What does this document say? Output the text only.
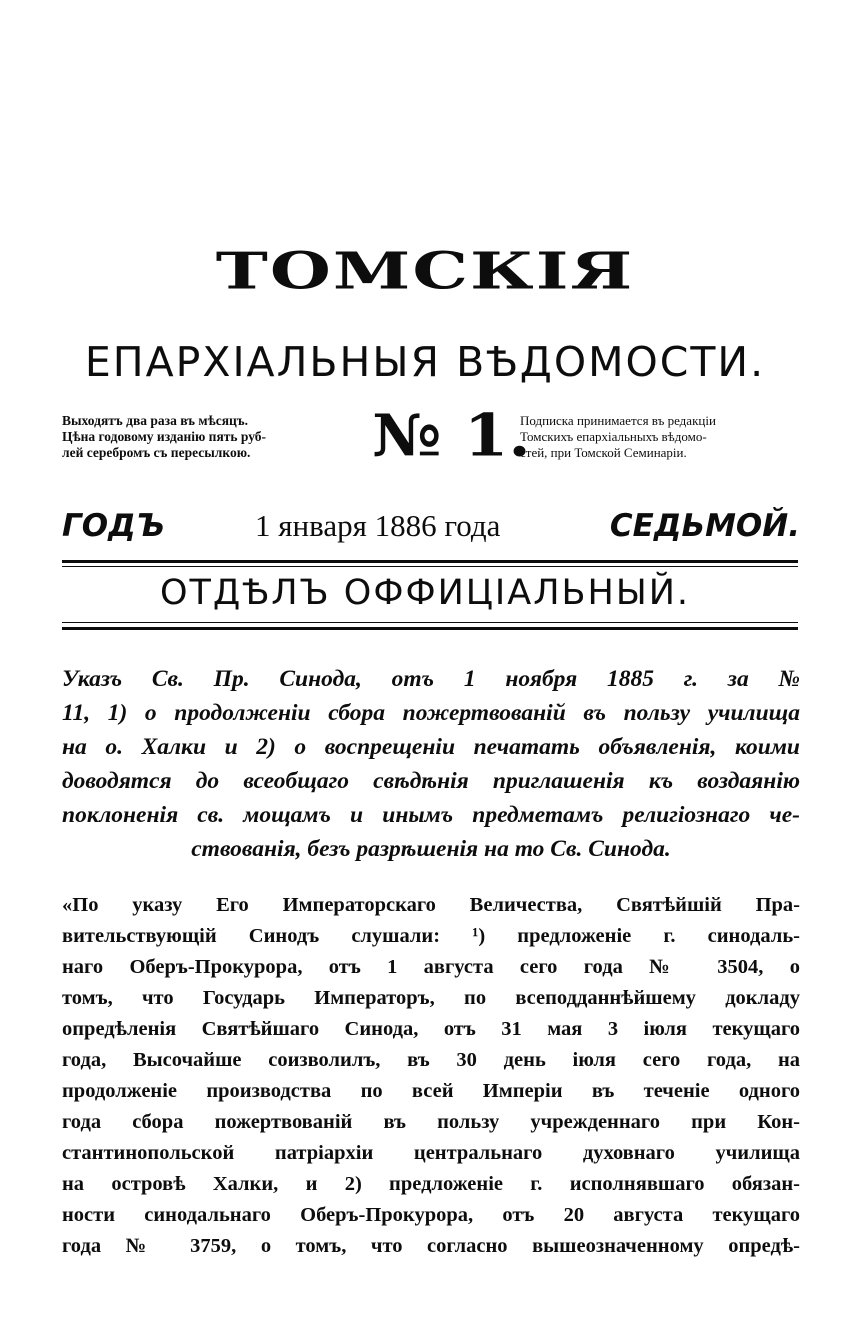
ТОМСКІЯ
ЕПАРХІАЛЬНЫЯ ВѢДОМОСТИ.

Выходятъ два раза въ мѣсяцъ.

Цѣна годовому изданію пять руб-

лей серебромъ съ пересылкою. № 1.

Подписка принимается въ редакціи

Томскихъ епархіальныхъ вѣдомо-

стей, при Томской Семинаріи.

ГОДЪ	1 января 1886 года	СЕДЬМОЙ.
ОТДѢЛЪ ОФФИЦІАЛЬНЫЙ.

Указъ Св. Пр. Синода, отъ 1 ноября 1885 г. за №

11, 1) о продолженіи сбора пожертвованій въ пользу училища

на о. Халки и 2) о воспрещеніи печатать объявленія, коими

доводятся до всеобщаго свѣдѣнія приглашенія къ воздаянію

поклоненія св. мощамъ и инымъ предметамъ религіознаго че-

ствованія, безъ разрѣшенія на то Св. Синода.

«По указу Его Императорскаго Величества, Святѣйшій Пра-

вительствующій Синодъ слушали: ¹) предложеніе г. синодаль-

наго Оберъ-Прокурора, отъ 1 августа сего года № 3504, о

томъ, что Государь Императоръ, по всеподданнѣйшему докладу

опредѣленія Святѣйшаго Синода, отъ 31 мая 3 іюля текущаго

года, Высочайше соизволилъ, въ 30 день іюля сего года, на

продолженіе производства по всей Имперіи въ теченіе одного

года сбора пожертвованій въ пользу учрежденнаго при Кон-

стантинопольской патріархіи центральнаго духовнаго училища

на островѣ Халки, и 2) предложеніе г. исполнявшаго обязан-

ности синодальнаго Оберъ-Прокурора, отъ 20 августа текущаго

года № 3759, о томъ, что согласно вышеозначенному опредѣ-
